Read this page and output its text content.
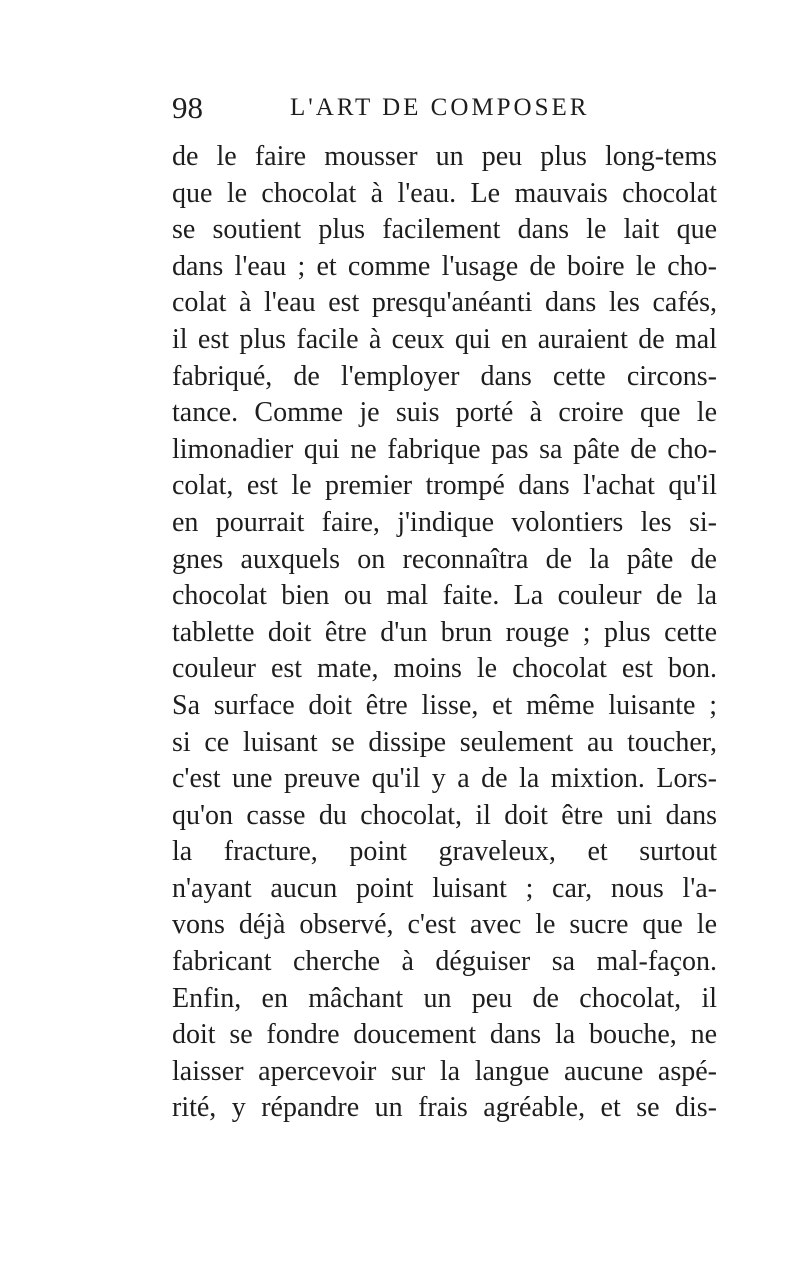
98	L'ART DE COMPOSER
de le faire mousser un peu plus long-tems
que le chocolat à l'eau. Le mauvais chocolat
se soutient plus facilement dans le lait que
dans l'eau ; et comme l'usage de boire le cho-
colat à l'eau est presqu'anéanti dans les cafés,
il est plus facile à ceux qui en auraient de mal
fabriqué, de l'employer dans cette circons-
tance. Comme je suis porté à croire que le
limonadier qui ne fabrique pas sa pâte de cho-
colat, est le premier trompé dans l'achat qu'il
en pourrait faire, j'indique volontiers les si-
gnes auxquels on reconnaîtra de la pâte de
chocolat bien ou mal faite. La couleur de la
tablette doit être d'un brun rouge ; plus cette
couleur est mate, moins le chocolat est bon.
Sa surface doit être lisse, et même luisante ;
si ce luisant se dissipe seulement au toucher,
c'est une preuve qu'il y a de la mixtion. Lors-
qu'on casse du chocolat, il doit être uni dans
la fracture, point graveleux, et surtout
n'ayant aucun point luisant ; car, nous l'a-
vons déjà observé, c'est avec le sucre que le
fabricant cherche à déguiser sa mal-façon.
Enfin, en mâchant un peu de chocolat, il
doit se fondre doucement dans la bouche, ne
laisser apercevoir sur la langue aucune aspé-
rité, y répandre un frais agréable, et se dis-
